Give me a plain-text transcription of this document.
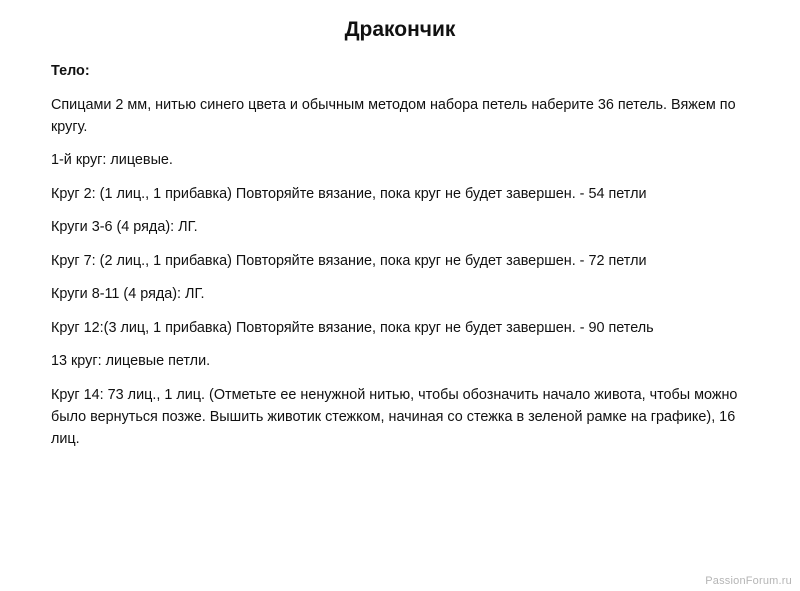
Дракончик

Тело:

Спицами 2 мм, нитью синего цвета и обычным методом набора петель наберите 36 петель. Вяжем по кругу.

1-й круг: лицевые.

Круг 2: (1 лиц., 1 прибавка) Повторяйте вязание, пока круг не будет завершен. - 54 петли

Круги 3-6 (4 ряда): ЛГ.

Круг 7: (2 лиц., 1 прибавка) Повторяйте вязание, пока круг не будет завершен. - 72 петли

Круги 8-11 (4 ряда): ЛГ.

Круг 12:(3 лиц, 1 прибавка) Повторяйте вязание, пока круг не будет завершен. - 90 петель

13 круг: лицевые петли.

Круг 14: 73 лиц., 1 лиц. (Отметьте ее ненужной нитью, чтобы обозначить начало живота, чтобы можно было вернуться позже. Вышить животик стежком, начиная со стежка в зеленой рамке на графике), 16 лиц.

PassionForum.ru
